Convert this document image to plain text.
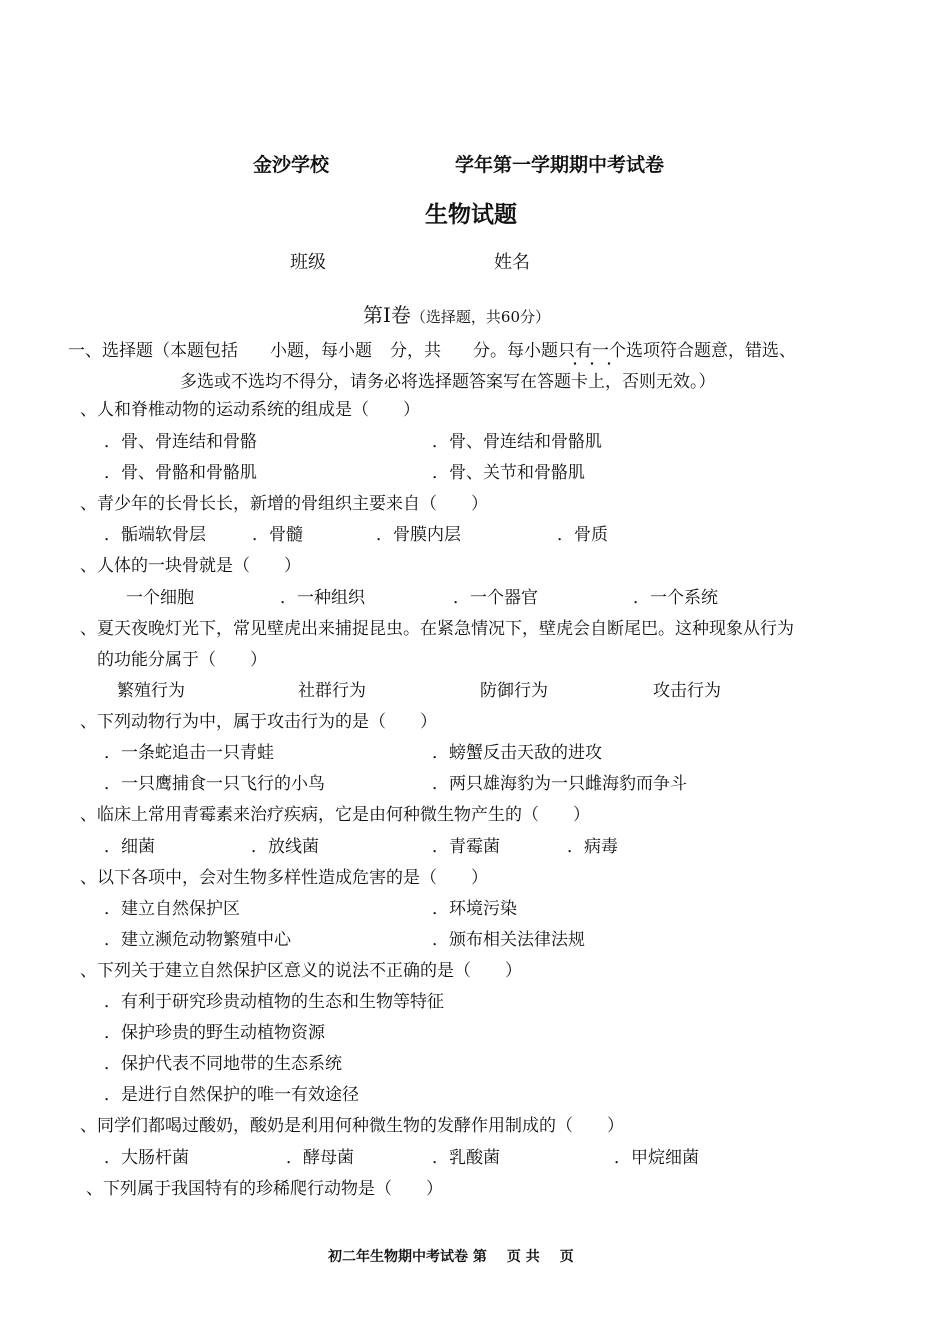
金沙学校	学年第一学期期中考试卷
生物试题
班级	姓名
第I卷（选择题，共60分）
一、选择题（本题包括 小题，每小题 分，共 分。每小题只有一个选项符合题意，错选、
多选或不选均不得分，请务必将选择题答案写在答题卡上，否则无效。）
、人和脊椎动物的运动系统的组成是（　　）
．骨、骨连结和骨骼	．骨、骨连结和骨骼肌
．骨、骨骼和骨骼肌	．骨、关节和骨骼肌
、青少年的长骨长长，新增的骨组织主要来自（　　）
．骺端软骨层	．骨髓	．骨膜内层	．骨质
、人体的一块骨就是（　　）
一个细胞	．一种组织	．一个器官	．一个系统
、夏天夜晚灯光下，常见壁虎出来捕捉昆虫。在紧急情况下，壁虎会自断尾巴。这种现象从行为
的功能分属于（　　）
繁殖行为	社群行为	防御行为	攻击行为
、下列动物行为中，属于攻击行为的是（　　）
．一条蛇追击一只青蛙	．螃蟹反击天敌的进攻
．一只鹰捕食一只飞行的小鸟	．两只雄海豹为一只雌海豹而争斗
、临床上常用青霉素来治疗疾病，它是由何种微生物产生的（　　）
．细菌	．放线菌	．青霉菌	．病毒
、以下各项中，会对生物多样性造成危害的是（　　）
．建立自然保护区	．环境污染
．建立濒危动物繁殖中心	．颁布相关法律法规
、下列关于建立自然保护区意义的说法不正确的是（　　）
．有利于研究珍贵动植物的生态和生物等特征
．保护珍贵的野生动植物资源
．保护代表不同地带的生态系统
．是进行自然保护的唯一有效途径
、同学们都喝过酸奶，酸奶是利用何种微生物的发酵作用制成的（　　）
．大肠杆菌	．酵母菌	．乳酸菌	．甲烷细菌
、下列属于我国特有的珍稀爬行动物是（　　）
初二年生物期中考试卷 第 页 共 页
